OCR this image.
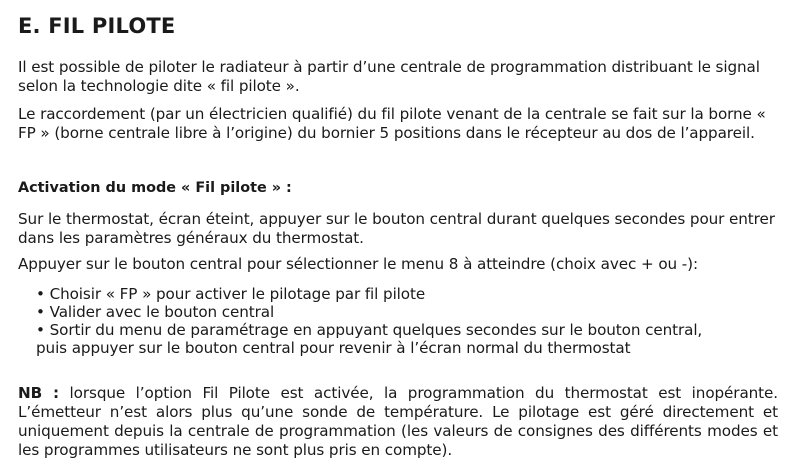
E. FIL PILOTE
Il est possible de piloter le radiateur à partir d’une centrale de programmation distribuant le signal selon la technologie dite « fil pilote ».
Le raccordement (par un électricien qualifié) du fil pilote venant de la centrale se fait sur la borne « FP » (borne centrale libre à l’origine) du bornier 5 positions dans le récepteur au dos de l’appareil.
Activation du mode « Fil pilote » :
Sur le thermostat, écran éteint, appuyer sur le bouton central durant quelques secondes pour entrer dans les paramètres généraux du thermostat.
Appuyer sur le bouton central pour sélectionner le menu 8 à atteindre (choix avec + ou -):
• Choisir « FP » pour activer le pilotage par fil pilote
• Valider avec le bouton central
• Sortir du menu de paramétrage en appuyant quelques secondes sur le bouton central,
puis appuyer sur le bouton central pour revenir à l’écran normal du thermostat
NB : lorsque l’option Fil Pilote est activée, la programmation du thermostat est inopérante. L’émetteur n’est alors plus qu’une sonde de température. Le pilotage est géré directement et uniquement depuis la centrale de programmation (les valeurs de consignes des différents modes et les programmes utilisateurs ne sont plus pris en compte).
